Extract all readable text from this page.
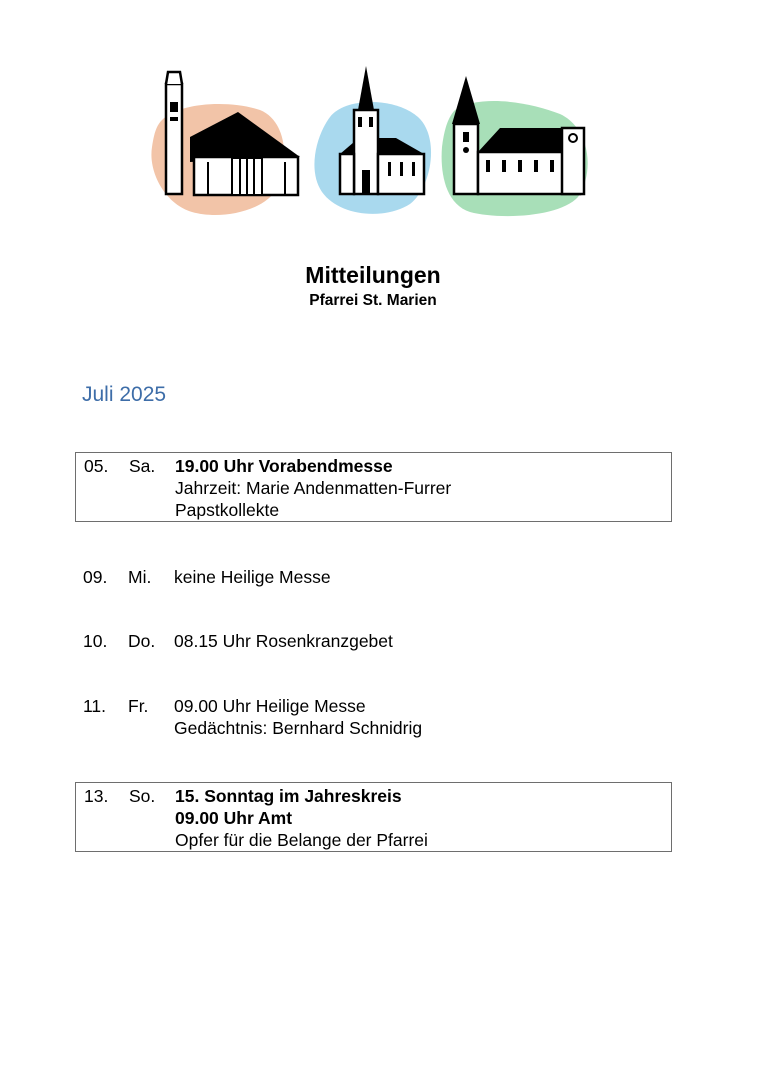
Mitteilungen
Pfarrei St. Marien
Juli 2025
05. Sa. 19.00 Uhr Vorabendmesse
Jahrzeit: Marie Andenmatten-Furrer
Papstkollekte
09. Mi. keine Heilige Messe
10. Do. 08.15 Uhr Rosenkranzgebet
11. Fr. 09.00 Uhr Heilige Messe
Gedächtnis: Bernhard Schnidrig
13. So. 15. Sonntag im Jahreskreis
09.00 Uhr Amt
Opfer für die Belange der Pfarrei
